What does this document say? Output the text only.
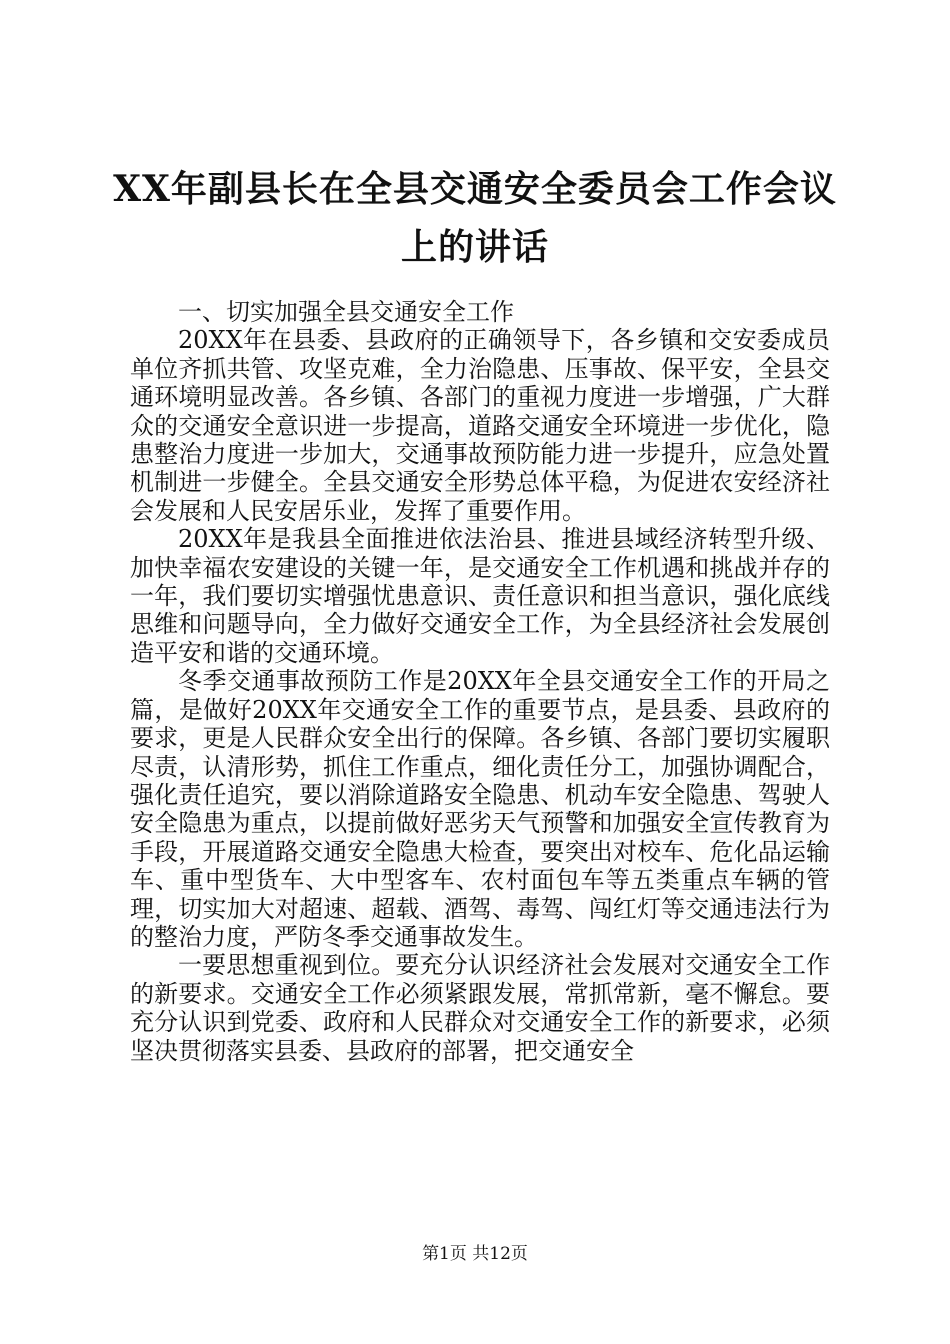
XX年副县长在全县交通安全委员会工作会议
上的讲话

一、切实加强全县交通安全工作

20XX年在县委、县政府的正确领导下，各乡镇和交安委成员单位齐抓共管、攻坚克难，全力治隐患、压事故、保平安，全县交通环境明显改善。各乡镇、各部门的重视力度进一步增强，广大群众的交通安全意识进一步提高，道路交通安全环境进一步优化，隐患整治力度进一步加大，交通事故预防能力进一步提升，应急处置机制进一步健全。全县交通安全形势总体平稳，为促进农安经济社会发展和人民安居乐业，发挥了重要作用。

20XX年是我县全面推进依法治县、推进县域经济转型升级、加快幸福农安建设的关键一年，是交通安全工作机遇和挑战并存的一年，我们要切实增强忧患意识、责任意识和担当意识，强化底线思维和问题导向，全力做好交通安全工作，为全县经济社会发展创造平安和谐的交通环境。

冬季交通事故预防工作是20XX年全县交通安全工作的开局之篇，是做好20XX年交通安全工作的重要节点，是县委、县政府的要求，更是人民群众安全出行的保障。各乡镇、各部门要切实履职尽责，认清形势，抓住工作重点，细化责任分工，加强协调配合，强化责任追究，要以消除道路安全隐患、机动车安全隐患、驾驶人安全隐患为重点，以提前做好恶劣天气预警和加强安全宣传教育为手段，开展道路交通安全隐患大检查，要突出对校车、危化品运输车、重中型货车、大中型客车、农村面包车等五类重点车辆的管理，切实加大对超速、超载、酒驾、毒驾、闯红灯等交通违法行为的整治力度，严防冬季交通事故发生。

一要思想重视到位。要充分认识经济社会发展对交通安全工作的新要求。交通安全工作必须紧跟发展，常抓常新，毫不懈怠。要充分认识到党委、政府和人民群众对交通安全工作的新要求，必须坚决贯彻落实县委、县政府的部署，把交通安全

第1页 共12页
